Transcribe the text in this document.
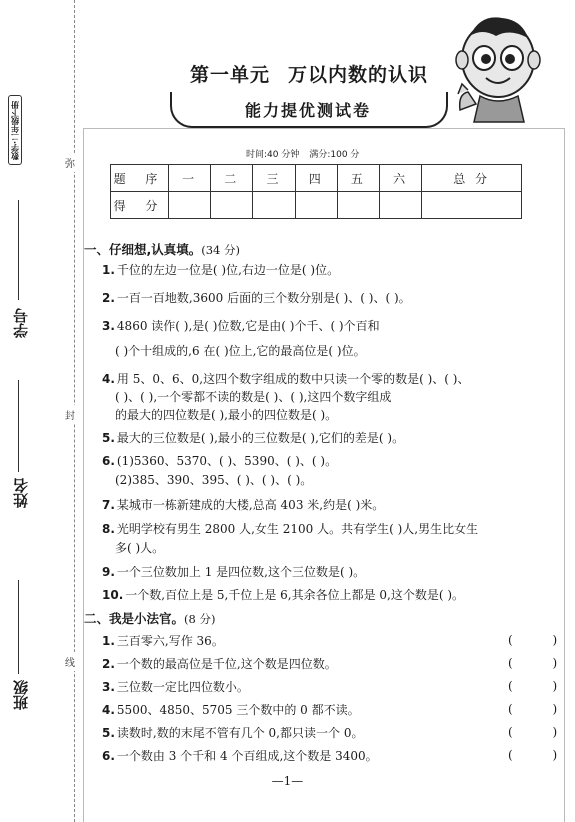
数学·二年级下册
学号
姓名
班级
弥
封
线
第一单元 万以内数的认识
能力提优测试卷
时间:40 分钟 满分:100 分
题 序	一	二	三	四	五	六	总 分
得 分							
一、仔细想,认真填。(34 分)
1. 千位的左边一位是( )位,右边一位是( )位。
2. 一百一百地数,3600 后面的三个数分别是( )、( )、( )。
3. 4860 读作( ),是( )位数,它是由( )个千、( )个百和
( )个十组成的,6 在( )位上,它的最高位是( )位。
4. 用 5、0、6、0,这四个数字组成的数中只读一个零的数是( )、( )、
( )、( ),一个零都不读的数是( )、( ),这四个数字组成
的最大的四位数是( ),最小的四位数是( )。
5. 最大的三位数是( ),最小的三位数是( ),它们的差是( )。
6. (1)5360、5370、( )、5390、( )、( )。
(2)385、390、395、( )、( )、( )。
7. 某城市一栋新建成的大楼,总高 403 米,约是( )米。
8. 光明学校有男生 2800 人,女生 2100 人。共有学生( )人,男生比女生
多( )人。
9. 一个三位数加上 1 是四位数,这个三位数是( )。
10. 一个数,百位上是 5,千位上是 6,其余各位上都是 0,这个数是( )。
二、我是小法官。(8 分)
1. 三百零六,写作 36。	( )
2. 一个数的最高位是千位,这个数是四位数。	( )
3. 三位数一定比四位数小。	( )
4. 5500、4850、5705 三个数中的 0 都不读。	( )
5. 读数时,数的末尾不管有几个 0,都只读一个 0。	( )
6. 一个数由 3 个千和 4 个百组成,这个数是 3400。	( )
—1—
